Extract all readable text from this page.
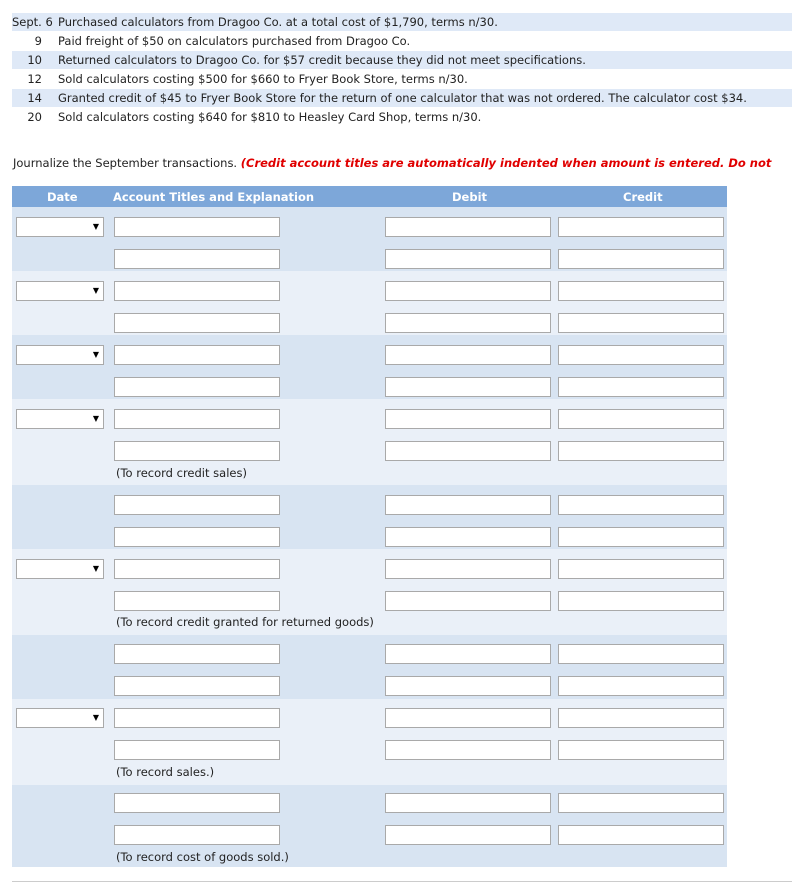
Sept. 6 Purchased calculators from Dragoo Co. at a total cost of $1,790, terms n/30.
9	Paid freight of $50 on calculators purchased from Dragoo Co.
10	Returned calculators to Dragoo Co. for $57 credit because they did not meet specifications.
12	Sold calculators costing $500 for $660 to Fryer Book Store, terms n/30.
14	Granted credit of $45 to Fryer Book Store for the return of one calculator that was not ordered. The calculator cost $34.
20	Sold calculators costing $640 for $810 to Heasley Card Shop, terms n/30.
Journalize the September transactions. (Credit account titles are automatically indented when amount is entered. Do not
Date	Account Titles and Explanation	Debit	Credit
▼
▼
▼
▼
(To record credit sales)
▼
(To record credit granted for returned goods)
▼
(To record sales.)
(To record cost of goods sold.)
